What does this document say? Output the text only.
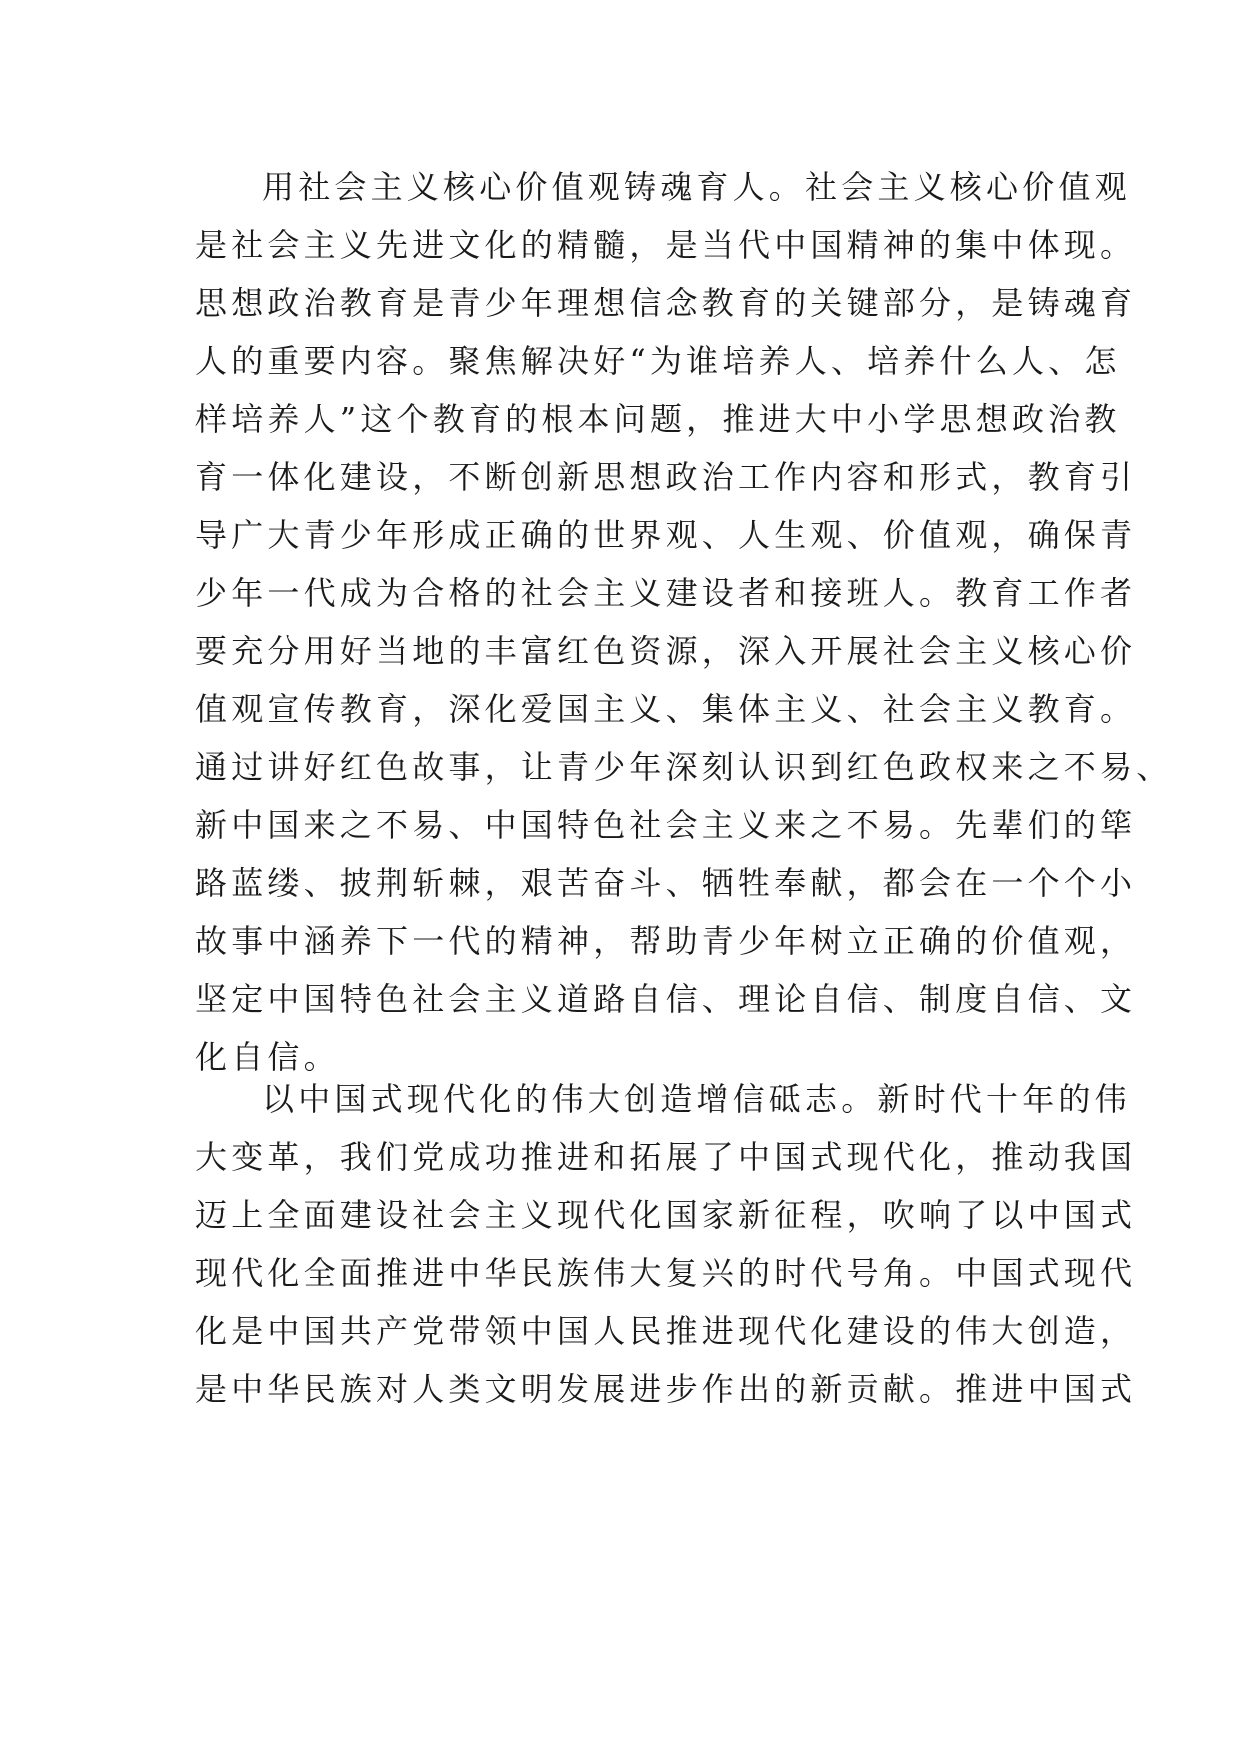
用社会主义核心价值观铸魂育人。社会主义核心价值观
是社会主义先进文化的精髓，是当代中国精神的集中体现。
思想政治教育是青少年理想信念教育的关键部分，是铸魂育
人的重要内容。聚焦解决好“为谁培养人、培养什么人、怎
样培养人”这个教育的根本问题，推进大中小学思想政治教
育一体化建设，不断创新思想政治工作内容和形式，教育引
导广大青少年形成正确的世界观、人生观、价值观，确保青
少年一代成为合格的社会主义建设者和接班人。教育工作者
要充分用好当地的丰富红色资源，深入开展社会主义核心价
值观宣传教育，深化爱国主义、集体主义、社会主义教育。
通过讲好红色故事，让青少年深刻认识到红色政权来之不易、
新中国来之不易、中国特色社会主义来之不易。先辈们的筚
路蓝缕、披荆斩棘，艰苦奋斗、牺牲奉献，都会在一个个小
故事中涵养下一代的精神，帮助青少年树立正确的价值观，
坚定中国特色社会主义道路自信、理论自信、制度自信、文
化自信。
以中国式现代化的伟大创造增信砥志。新时代十年的伟
大变革，我们党成功推进和拓展了中国式现代化，推动我国
迈上全面建设社会主义现代化国家新征程，吹响了以中国式
现代化全面推进中华民族伟大复兴的时代号角。中国式现代
化是中国共产党带领中国人民推进现代化建设的伟大创造，
是中华民族对人类文明发展进步作出的新贡献。推进中国式
